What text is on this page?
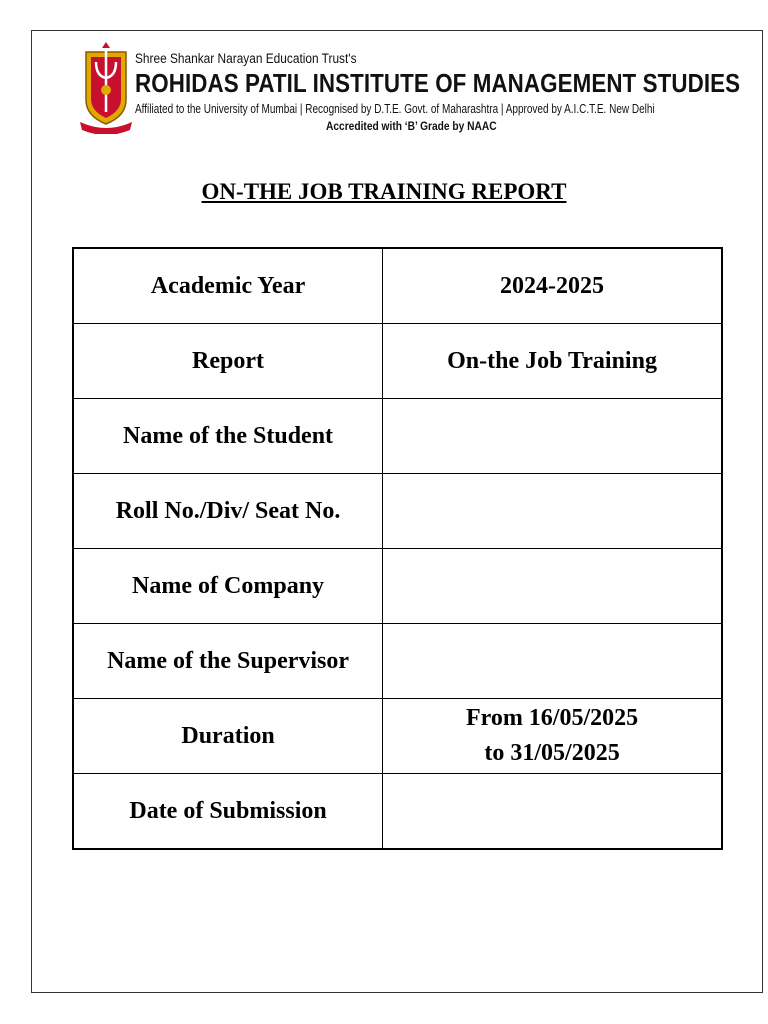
Shree Shankar Narayan Education Trust's
ROHIDAS PATIL INSTITUTE OF MANAGEMENT STUDIES
Affiliated to the University of Mumbai | Recognised by D.T.E. Govt. of Maharashtra | Approved by A.I.C.T.E. New Delhi
Accredited with ‘B’ Grade by NAAC
ON-THE JOB TRAINING REPORT
Academic Year	2024-2025
Report	On-the Job Training
Name of the Student	
Roll No./Div/ Seat No.	
Name of Company	
Name of the Supervisor	
Duration	From 16/05/2025
to 31/05/2025

Date of Submission	
